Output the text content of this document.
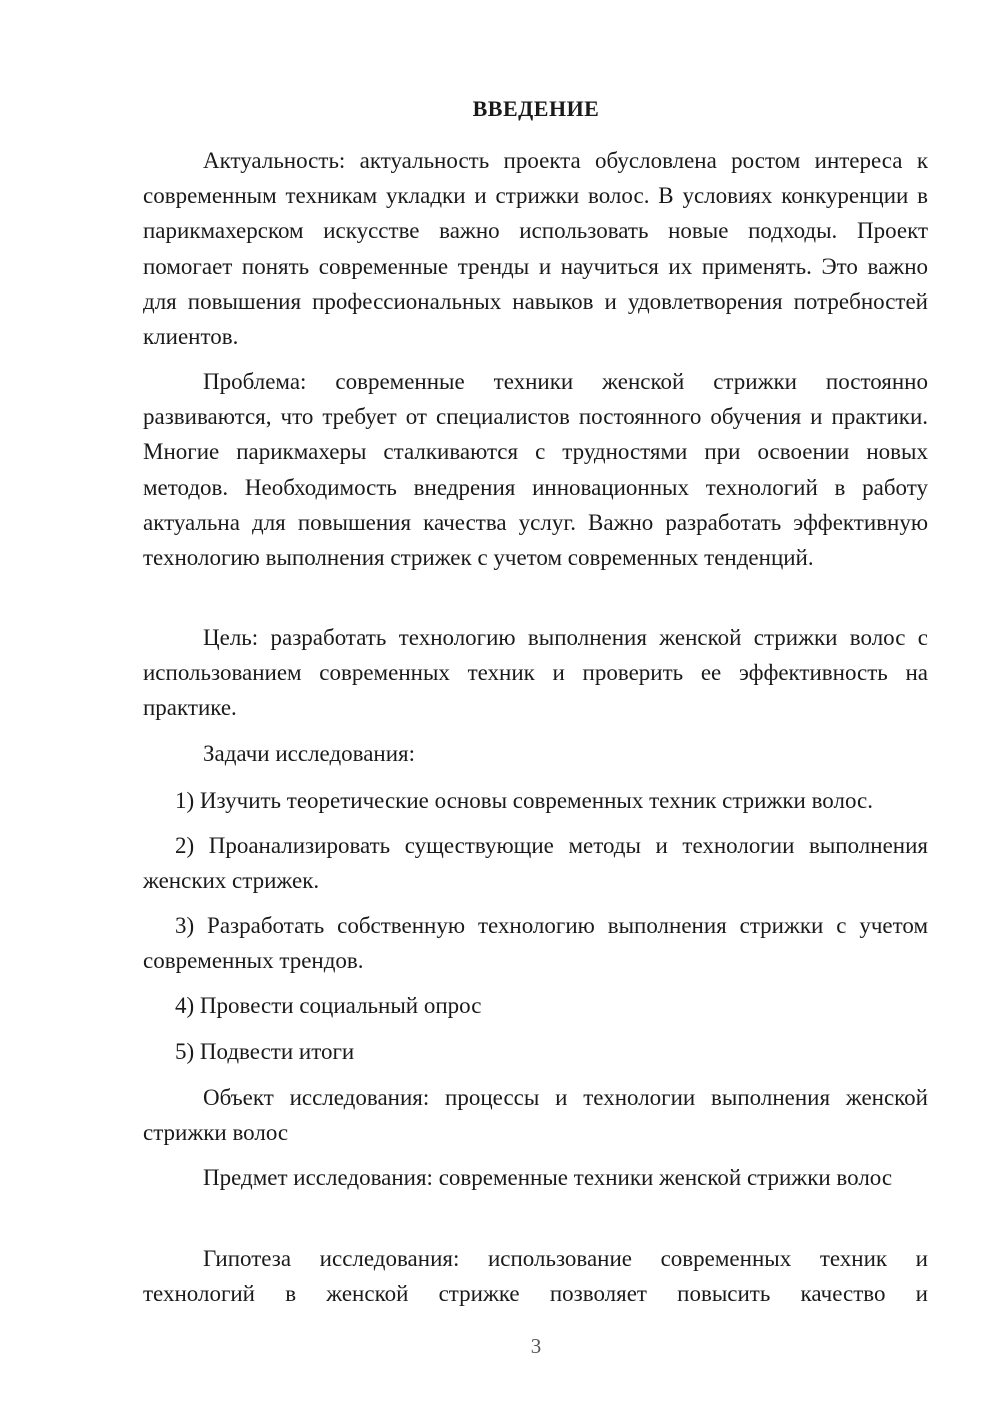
ВВЕДЕНИЕ

Актуальность: актуальность проекта обусловлена ростом интереса к современным техникам укладки и стрижки волос. В условиях конкуренции в парикмахерском искусстве важно использовать новые подходы. Проект помогает понять современные тренды и научиться их применять. Это важно для повышения профессиональных навыков и удовлетворения потребностей клиентов.

Проблема: современные техники женской стрижки постоянно развиваются, что требует от специалистов постоянного обучения и практики. Многие парикмахеры сталкиваются с трудностями при освоении новых методов. Необходимость внедрения инновационных технологий в работу актуальна для повышения качества услуг. Важно разработать эффективную технологию выполнения стрижек с учетом современных тенденций.

Цель: разработать технологию выполнения женской стрижки волос с использованием современных техник и проверить ее эффективность на практике.

Задачи исследования:

1) Изучить теоретические основы современных техник стрижки волос.

2) Проанализировать существующие методы и технологии выполнения женских стрижек.

3) Разработать собственную технологию выполнения стрижки с учетом современных трендов.

4) Провести социальный опрос

5) Подвести итоги

Объект исследования: процессы и технологии выполнения женской стрижки волос

Предмет исследования: современные техники женской стрижки волос

Гипотеза исследования: использование современных техник и технологий в женской стрижке позволяет повысить качество и

3
